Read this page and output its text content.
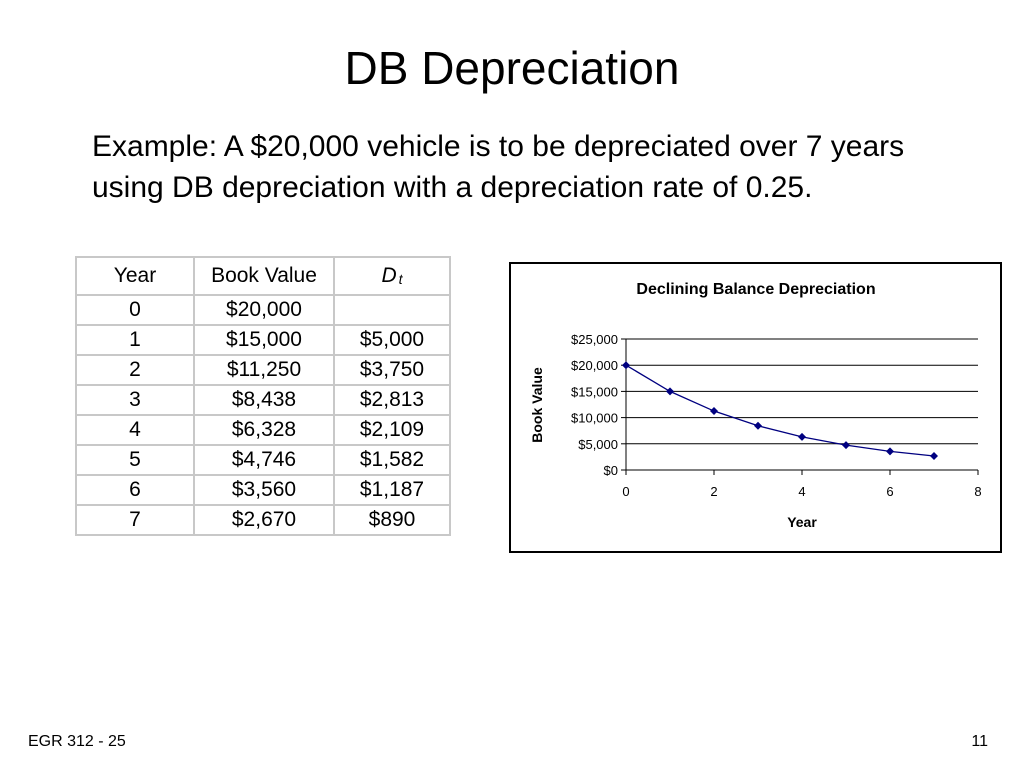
DB Depreciation
Example: A $20,000 vehicle is to be depreciated over 7 years using DB depreciation with a depreciation rate of 0.25.
Year	Book Value	D $_t$
0	$20,000	
1	$15,000	$5,000
2	$11,250	$3,750
3	$8,438	$2,813
4	$6,328	$2,109
5	$4,746	$1,582
6	$3,560	$1,187
7	$2,670	$890
Declining Balance Depreciation
$0
$5,000
$10,000
$15,000
$20,000
$25,000
0	2	4	6	8
Year
Book Value
EGR 312 - 25	11
